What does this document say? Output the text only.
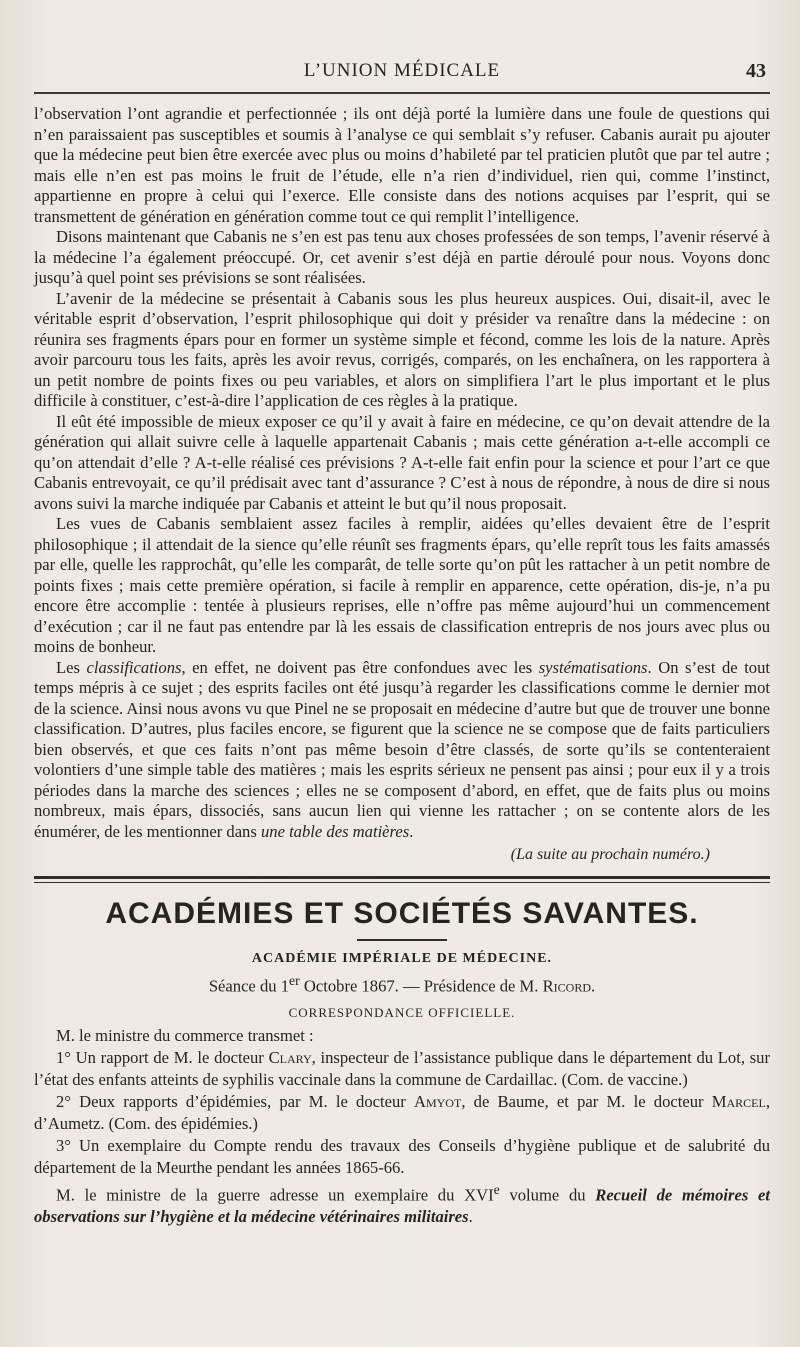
L’UNION MÉDICALE	43

l’observation l’ont agrandie et perfectionnée ; ils ont déjà porté la lumière dans une foule de questions qui n’en paraissaient pas susceptibles et soumis à l’analyse ce qui semblait s’y refuser. Cabanis aurait pu ajouter que la médecine peut bien être exercée avec plus ou moins d’habileté par tel praticien plutôt que par tel autre ; mais elle n’en est pas moins le fruit de l’étude, elle n’a rien d’individuel, rien qui, comme l’instinct, appartienne en propre à celui qui l’exerce. Elle consiste dans des notions acquises par l’esprit, qui se transmettent de génération en génération comme tout ce qui remplit l’intelligence.

Disons maintenant que Cabanis ne s’en est pas tenu aux choses professées de son temps, l’avenir réservé à la médecine l’a également préoccupé. Or, cet avenir s’est déjà en partie déroulé pour nous. Voyons donc jusqu’à quel point ses prévisions se sont réalisées.

L’avenir de la médecine se présentait à Cabanis sous les plus heureux auspices. Oui, disait-il, avec le véritable esprit d’observation, l’esprit philosophique qui doit y présider va renaître dans la médecine : on réunira ses fragments épars pour en former un système simple et fécond, comme les lois de la nature. Après avoir parcouru tous les faits, après les avoir revus, corrigés, comparés, on les enchaînera, on les rapportera à un petit nombre de points fixes ou peu variables, et alors on simplifiera l’art le plus important et le plus difficile à constituer, c’est-à-dire l’application de ces règles à la pratique.

Il eût été impossible de mieux exposer ce qu’il y avait à faire en médecine, ce qu’on devait attendre de la génération qui allait suivre celle à laquelle appartenait Cabanis ; mais cette génération a-t-elle accompli ce qu’on attendait d’elle ? A-t-elle réalisé ces prévisions ? A-t-elle fait enfin pour la science et pour l’art ce que Cabanis entrevoyait, ce qu’il prédisait avec tant d’assurance ? C’est à nous de répondre, à nous de dire si nous avons suivi la marche indiquée par Cabanis et atteint le but qu’il nous proposait.

Les vues de Cabanis semblaient assez faciles à remplir, aidées qu’elles devaient être de l’esprit philosophique ; il attendait de la sience qu’elle réunît ses fragments épars, qu’elle reprît tous les faits amassés par elle, quelle les rapprochât, qu’elle les comparât, de telle sorte qu’on pût les rattacher à un petit nombre de points fixes ; mais cette première opération, si facile à remplir en apparence, cette opération, dis-je, n’a pu encore être accomplie : tentée à plusieurs reprises, elle n’offre pas même aujourd’hui un commencement d’exécution ; car il ne faut pas entendre par là les essais de classification entrepris de nos jours avec plus ou moins de bonheur.

Les classifications, en effet, ne doivent pas être confondues avec les systématisations. On s’est de tout temps mépris à ce sujet ; des esprits faciles ont été jusqu’à regarder les classifications comme le dernier mot de la science. Ainsi nous avons vu que Pinel ne se proposait en médecine d’autre but que de trouver une bonne classification. D’autres, plus faciles encore, se figurent que la science ne se compose que de faits particuliers bien observés, et que ces faits n’ont pas même besoin d’être classés, de sorte qu’ils se contenteraient volontiers d’une simple table des matières ; mais les esprits sérieux ne pensent pas ainsi ; pour eux il y a trois périodes dans la marche des sciences ; elles ne se composent d’abord, en effet, que de faits plus ou moins nombreux, mais épars, dissociés, sans aucun lien qui vienne les rattacher ; on se contente alors de les énumérer, de les mentionner dans une table des matières.

(La suite au prochain numéro.)
ACADÉMIES ET SOCIÉTÉS SAVANTES.
ACADÉMIE IMPÉRIALE DE MÉDECINE.
Séance du 1er Octobre 1867. — Présidence de M. Ricord.
CORRESPONDANCE OFFICIELLE.

M. le ministre du commerce transmet :

1° Un rapport de M. le docteur Clary, inspecteur de l’assistance publique dans le département du Lot, sur l’état des enfants atteints de syphilis vaccinale dans la commune de Cardaillac. (Com. de vaccine.)

2° Deux rapports d’épidémies, par M. le docteur Amyot, de Baume, et par M. le docteur Marcel, d’Aumetz. (Com. des épidémies.)

3° Un exemplaire du Compte rendu des travaux des Conseils d’hygiène publique et de salubrité du département de la Meurthe pendant les années 1865-66.

M. le ministre de la guerre adresse un exemplaire du XVIe volume du Recueil de mémoires et observations sur l’hygiène et la médecine vétérinaires militaires.
